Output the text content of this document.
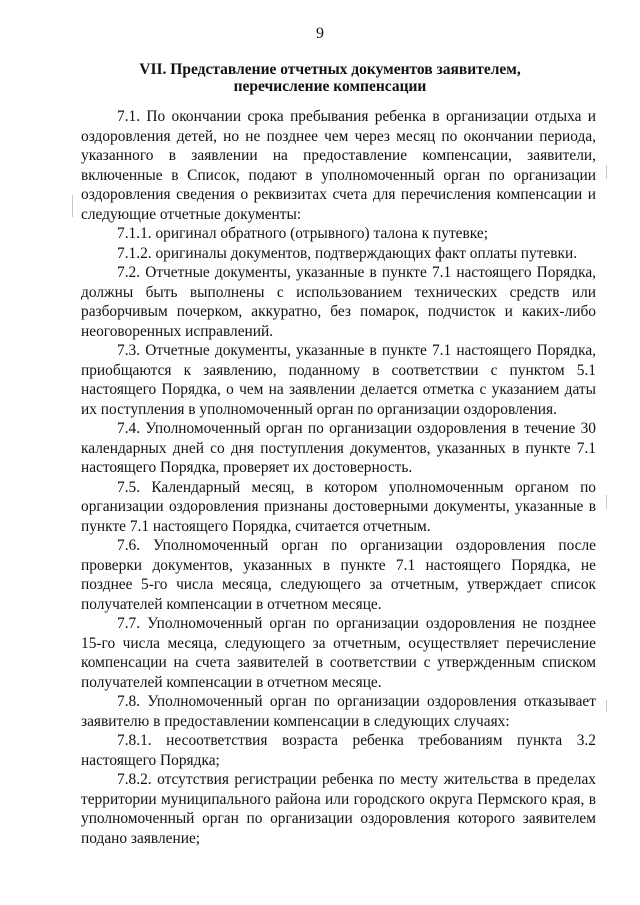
9
VII. Представление отчетных документов заявителем,
перечисление компенсации

7.1. По окончании срока пребывания ребенка в организации отдыха и оздоровления детей, но не позднее чем через месяц по окончании периода, указанного в заявлении на предоставление компенсации, заявители, включенные в Список, подают в уполномоченный орган по организации оздоровления сведения о реквизитах счета для перечисления компенсации и следующие отчетные документы:

7.1.1. оригинал обратного (отрывного) талона к путевке;

7.1.2. оригиналы документов, подтверждающих факт оплаты путевки.

7.2. Отчетные документы, указанные в пункте 7.1 настоящего Порядка, должны быть выполнены с использованием технических средств или разборчивым почерком, аккуратно, без помарок, подчисток и каких-либо неоговоренных исправлений.

7.3. Отчетные документы, указанные в пункте 7.1 настоящего Порядка, приобщаются к заявлению, поданному в соответствии с пунктом 5.1 настоящего Порядка, о чем на заявлении делается отметка с указанием даты их поступления в уполномоченный орган по организации оздоровления.

7.4. Уполномоченный орган по организации оздоровления в течение 30 календарных дней со дня поступления документов, указанных в пункте 7.1 настоящего Порядка, проверяет их достоверность.

7.5. Календарный месяц, в котором уполномоченным органом по организации оздоровления признаны достоверными документы, указанные в пункте 7.1 настоящего Порядка, считается отчетным.

7.6. Уполномоченный орган по организации оздоровления после проверки документов, указанных в пункте 7.1 настоящего Порядка, не позднее 5-го числа месяца, следующего за отчетным, утверждает список получателей компенсации в отчетном месяце.

7.7. Уполномоченный орган по организации оздоровления не позднее 15-го числа месяца, следующего за отчетным, осуществляет перечисление компенсации на счета заявителей в соответствии с утвержденным списком получателей компенсации в отчетном месяце.

7.8. Уполномоченный орган по организации оздоровления отказывает заявителю в предоставлении компенсации в следующих случаях:

7.8.1. несоответствия возраста ребенка требованиям пункта 3.2 настоящего Порядка;

7.8.2. отсутствия регистрации ребенка по месту жительства в пределах территории муниципального района или городского округа Пермского края, в уполномоченный орган по организации оздоровления которого заявителем подано заявление;
